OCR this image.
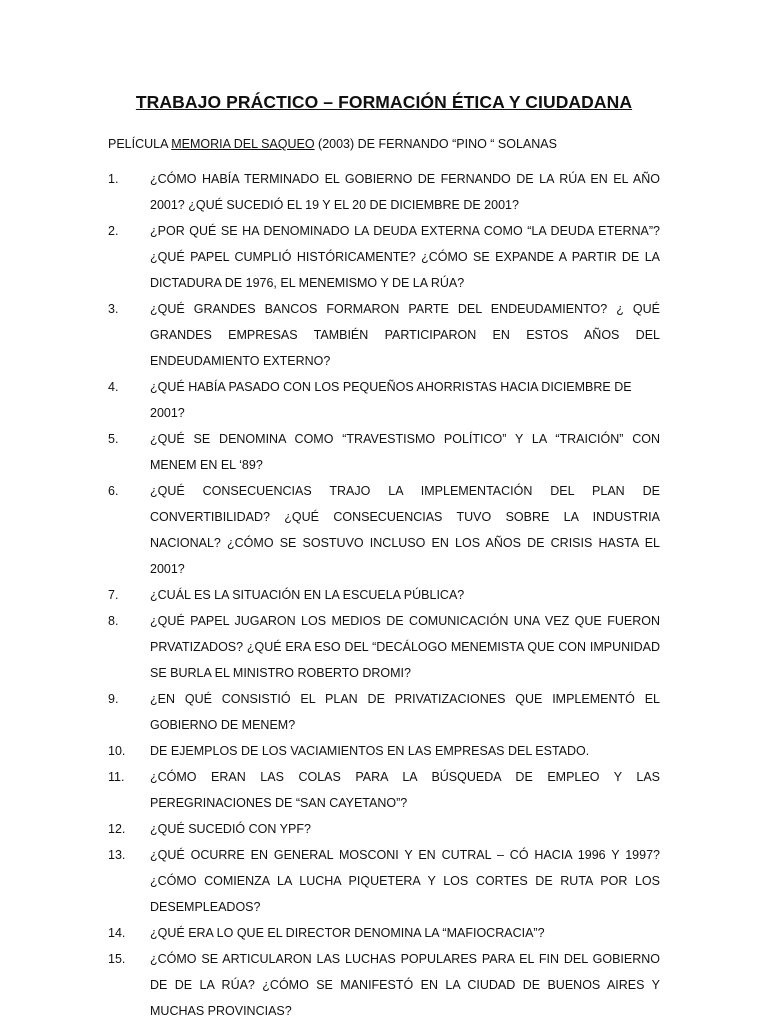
TRABAJO PRÁCTICO – FORMACIÓN ÉTICA Y CIUDADANA

PELÍCULA MEMORIA DEL SAQUEO (2003) DE FERNANDO “PINO “ SOLANAS

1.	¿CÓMO HABÍA TERMINADO EL GOBIERNO DE FERNANDO DE LA RÚA EN EL AÑO 2001? ¿QUÉ SUCEDIÓ EL 19 Y EL 20 DE DICIEMBRE DE 2001?
2.	¿POR QUÉ SE HA DENOMINADO LA DEUDA EXTERNA COMO “LA DEUDA ETERNA”? ¿QUÉ PAPEL CUMPLIÓ HISTÓRICAMENTE? ¿CÓMO SE EXPANDE A PARTIR DE LA DICTADURA DE 1976, EL MENEMISMO Y DE LA RÚA?
3.	¿QUÉ GRANDES BANCOS FORMARON PARTE DEL ENDEUDAMIENTO? ¿ QUÉ GRANDES EMPRESAS TAMBIÉN PARTICIPARON EN ESTOS AÑOS DEL ENDEUDAMIENTO EXTERNO?
4.	¿QUÉ HABÍA PASADO CON LOS PEQUEÑOS AHORRISTAS HACIA DICIEMBRE DE 2001?
5.	¿QUÉ SE DENOMINA COMO “TRAVESTISMO POLÍTICO” Y LA “TRAICIÓN” CON MENEM EN EL ‘89?
6.	¿QUÉ CONSECUENCIAS TRAJO LA IMPLEMENTACIÓN DEL PLAN DE CONVERTIBILIDAD? ¿QUÉ CONSECUENCIAS TUVO SOBRE LA INDUSTRIA NACIONAL? ¿CÓMO SE SOSTUVO INCLUSO EN LOS AÑOS DE CRISIS HASTA EL 2001?
7.	¿CUÁL ES LA SITUACIÓN EN LA ESCUELA PÚBLICA?
8.	¿QUÉ PAPEL JUGARON LOS MEDIOS DE COMUNICACIÓN UNA VEZ QUE FUERON PRVATIZADOS? ¿QUÉ ERA ESO DEL “DECÁLOGO MENEMISTA QUE CON IMPUNIDAD SE BURLA EL MINISTRO ROBERTO DROMI?
9.	¿EN QUÉ CONSISTIÓ EL PLAN DE PRIVATIZACIONES QUE IMPLEMENTÓ EL GOBIERNO DE MENEM?
10.	DE EJEMPLOS DE LOS VACIAMIENTOS EN LAS EMPRESAS DEL ESTADO.
11.	¿CÓMO ERAN LAS COLAS PARA LA BÚSQUEDA DE EMPLEO Y LAS PEREGRINACIONES DE “SAN CAYETANO”?
12.	¿QUÉ SUCEDIÓ CON YPF?
13.	¿QUÉ OCURRE EN GENERAL MOSCONI Y EN CUTRAL – CÓ HACIA 1996 Y 1997? ¿CÓMO COMIENZA LA LUCHA PIQUETERA Y LOS CORTES DE RUTA POR LOS DESEMPLEADOS?
14.	¿QUÉ ERA LO QUE EL DIRECTOR DENOMINA LA “MAFIOCRACIA”?
15.	¿CÓMO SE ARTICULARON LAS LUCHAS POPULARES PARA EL FIN DEL GOBIERNO DE DE LA RÚA? ¿CÓMO SE MANIFESTÓ EN LA CIUDAD DE BUENOS AIRES Y MUCHAS PROVINCIAS?
